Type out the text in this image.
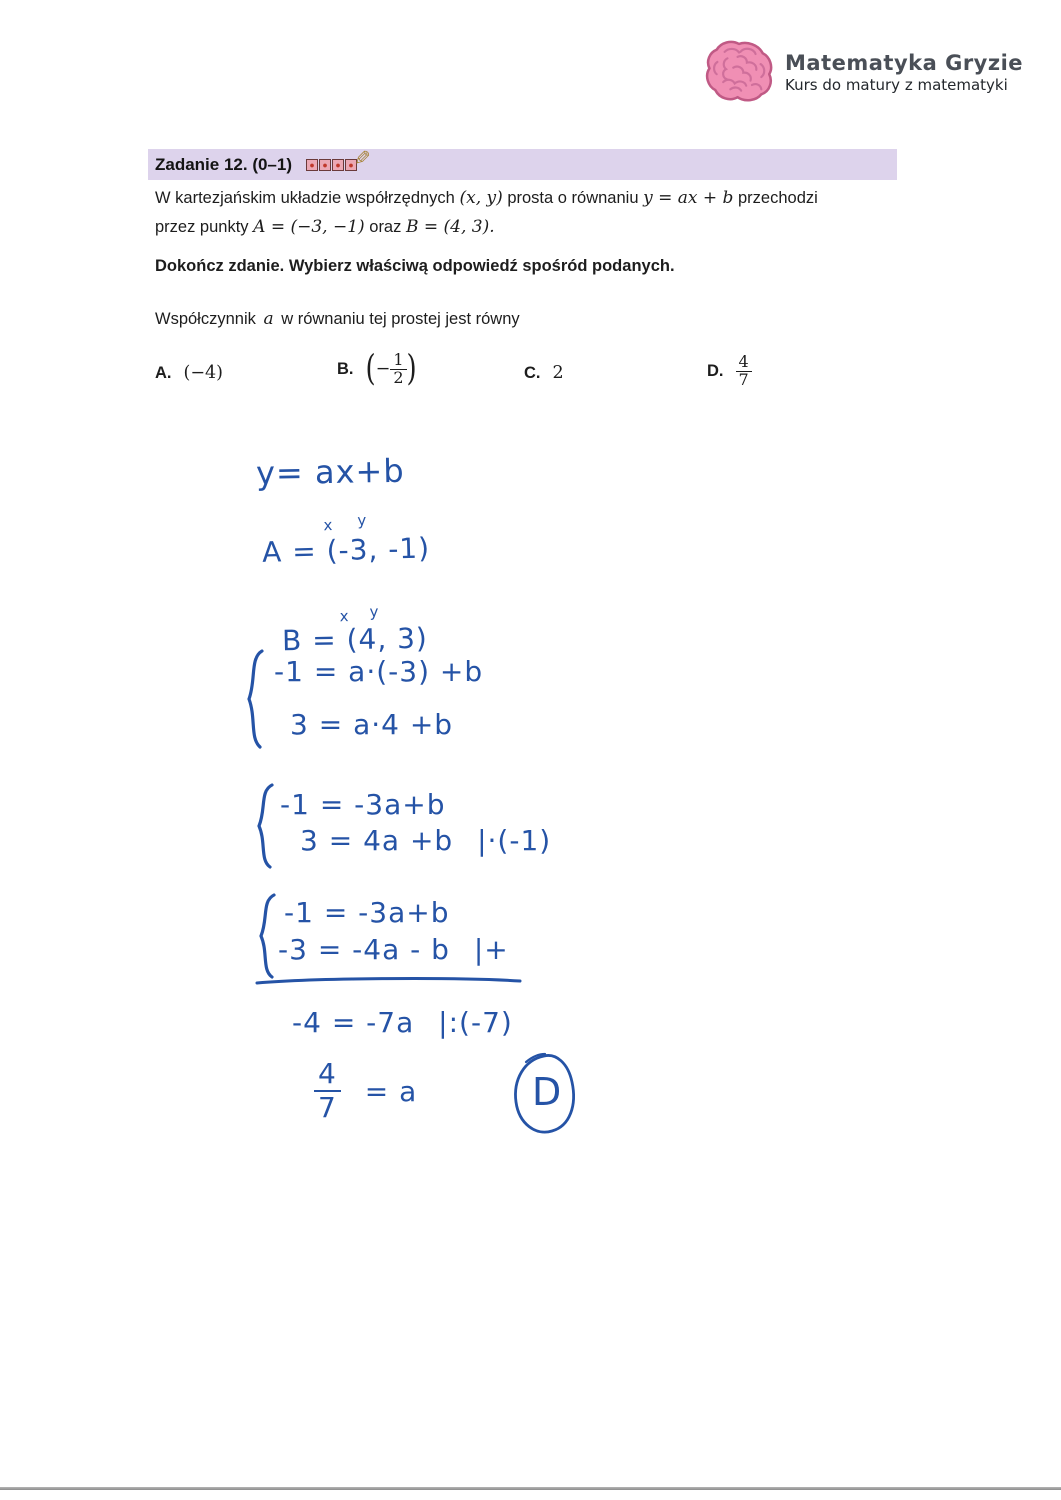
Matematyka Gryzie
Kurs do matury z matematyki
Zadanie 12. (0–1)	✎
W kartezjańskim układzie współrzędnych (x, y) prosta o równaniu y = ax + b przechodzi
przez punkty A = (−3, −1) oraz B = (4, 3).
Dokończ zdanie. Wybierz właściwą odpowiedź spośród podanych.
Współczynnik a w równaniu tej prostej jest równy
A. (−4)	B. ( − $\frac{1}{2}$ )	C. 2	D. $\frac{4}{7}$
y= ax+b
A = (-3, -1)
x y
B = (4, 3)
x y
-1 = a·(-3) +b
3 = a·4 +b
-1 = -3a+b
3 = 4a +b |·(-1)
-1 = -3a+b
-3 = -4a - b |+
-4 = -7a |:(-7)
$\frac{4}{7} = a$	D
